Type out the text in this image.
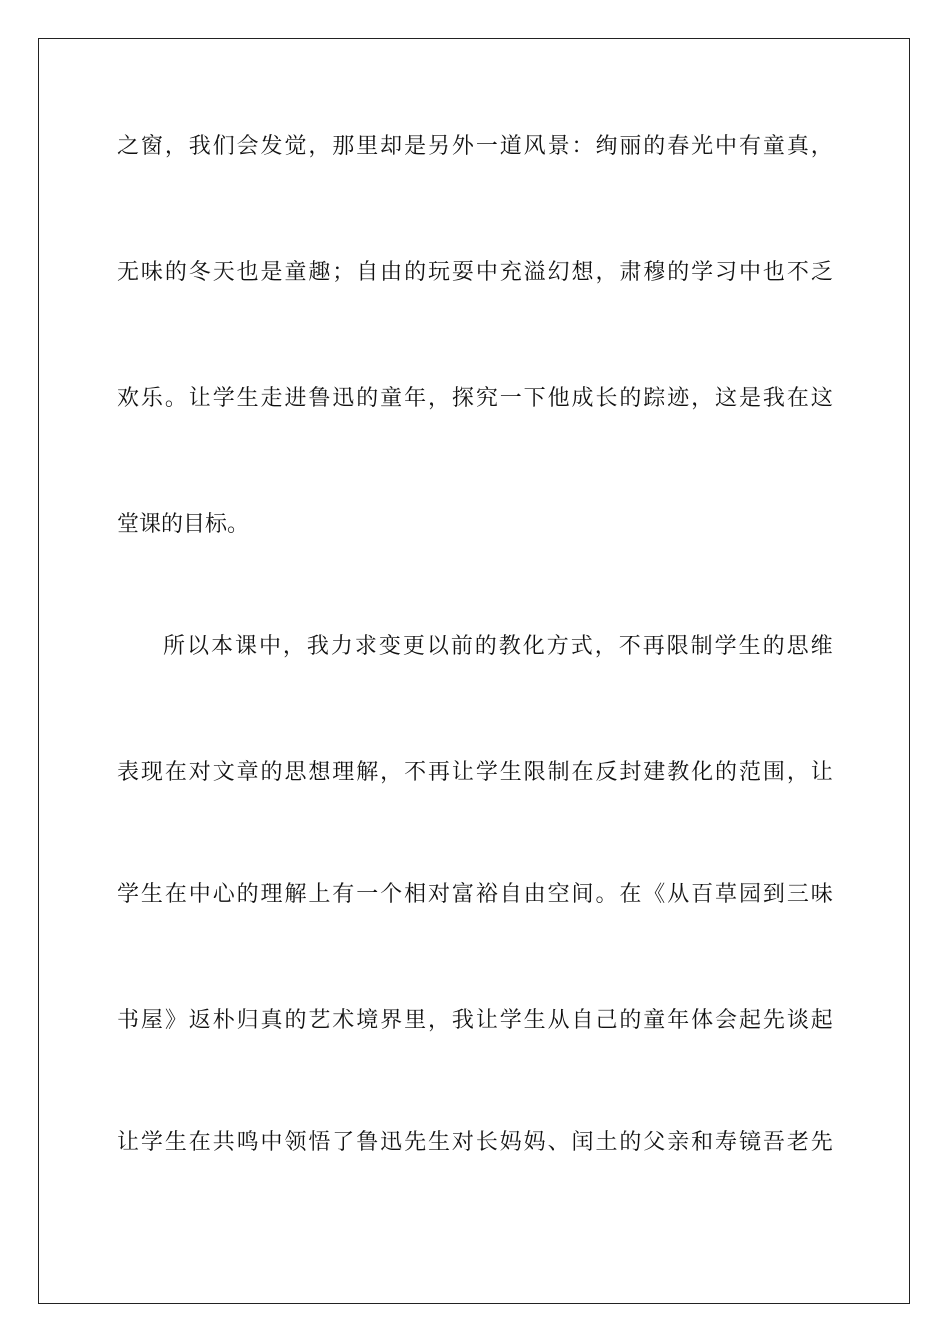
之 窗 ， 我 们 会 发 觉 ， 那 里 却 是 另 外 一 道 风 景 ： 绚 丽 的 春 光 中 有 童 真 ，
无 味 的 冬 天 也 是 童 趣 ； 自 由 的 玩 耍 中 充 溢 幻 想 ， 肃 穆 的 学 习 中 也 不 乏
欢 乐 。 让 学 生 走 进 鲁 迅 的 童 年 ， 探 究 一 下 他 成 长 的 踪 迹 ， 这 是 我 在 这
堂课的目标。
所 以 本 课 中 ， 我 力 求 变 更 以 前 的 教 化 方 式 ， 不 再 限 制 学 生 的 思 维
表 现 在 对 文 章 的 思 想 理 解 ， 不 再 让 学 生 限 制 在 反 封 建 教 化 的 范 围 ， 让
学 生 在 中 心 的 理 解 上 有 一 个 相 对 富 裕 自 由 空 间 。 在 《 从 百 草 园 到 三 味
书 屋 》 返 朴 归 真 的 艺 术 境 界 里 ， 我 让 学 生 从 自 己 的 童 年 体 会 起 先 谈 起
让 学 生 在 共 鸣 中 领 悟 了 鲁 迅 先 生 对 长 妈 妈 、 闰 土 的 父 亲 和 寿 镜 吾 老 先
